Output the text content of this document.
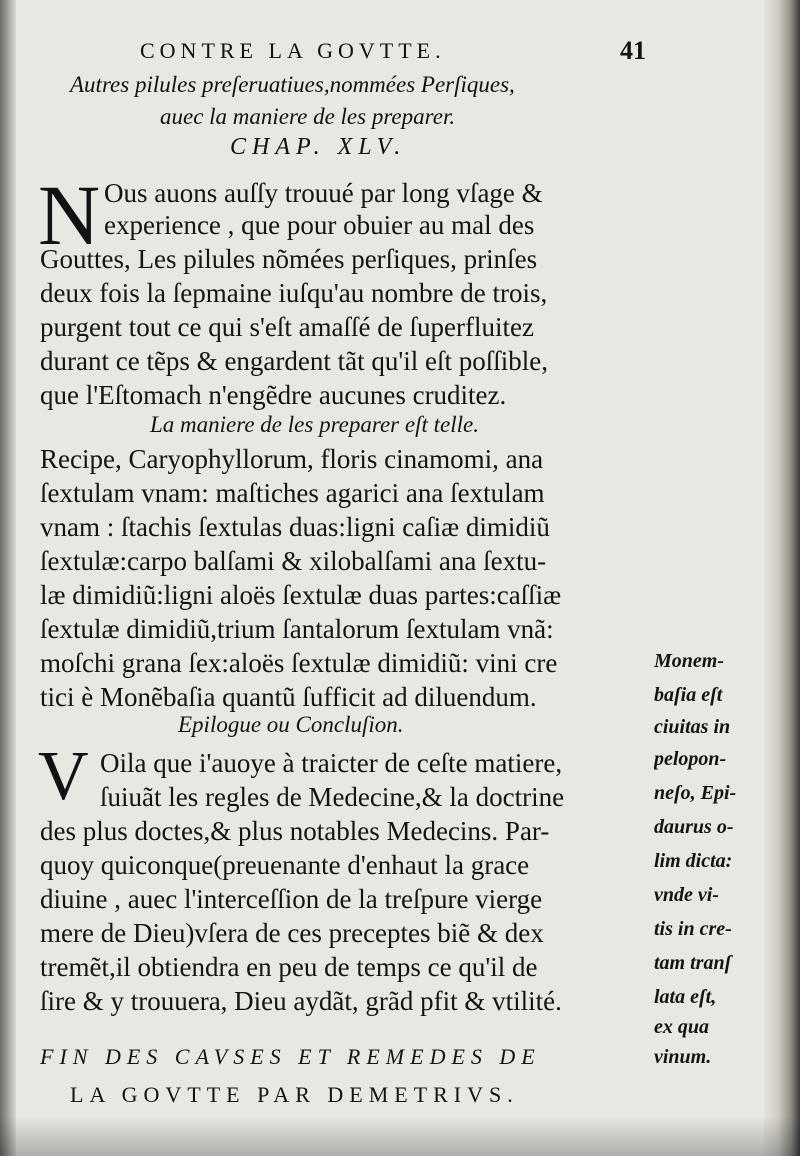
CONTRE LA GOVTTE.	41
Autres pilules preſeruatiues,nommées Perſiques,
auec la maniere de les preparer.
CHAP. XLV.
N Ous auons auſſy trouué par long vſage &
experience , que pour obuier au mal des
Gouttes, Les pilules nõmées perſiques, prinſes
deux fois la ſepmaine iuſqu'au nombre de trois,
purgent tout ce qui s'eſt amaſſé de ſuperfluitez
durant ce tẽps & engardent tãt qu'il eſt poſſible,
que l'Eſtomach n'engẽdre aucunes cruditez.
La maniere de les preparer eſt telle.
Recipe, Caryophyllorum, floris cinamomi, ana
ſextulam vnam: maſtiches agarici ana ſextulam
vnam : ſtachis ſextulas duas:ligni caſiæ dimidiũ
ſextulæ:carpo balſami & xilobalſami ana ſextu-
læ dimidiũ:ligni aloës ſextulæ duas partes:caſſiæ
ſextulæ dimidiũ,trium ſantalorum ſextulam vnã:
moſchi grana ſex:aloës ſextulæ dimidiũ: vini cre
tici è Monẽbaſia quantũ ſufficit ad diluendum.
Epilogue ou Concluſion.
V Oila que i'auoye à traicter de ceſte matiere,
ſuiuãt les regles de Medecine,& la doctrine
des plus doctes,& plus notables Medecins. Par-
quoy quiconque(preuenante d'enhaut la grace
diuine , auec l'interceſſion de la treſpure vierge
mere de Dieu)vſera de ces preceptes biẽ & dex
tremẽt,il obtiendra en peu de temps ce qu'il de
ſire & y trouuera, Dieu aydãt, grãd pfit & vtilité.
Monem-
baſia eſt
ciuitas in
pelopon-
neſo, Epi-
daurus o-
lim dicta:
vnde vi-
tis in cre-
tam tranſ
lata eſt,
ex qua
vinum.
FIN DES CAVSES ET REMEDES DE
LA GOVTTE PAR DEMETRIVS.
